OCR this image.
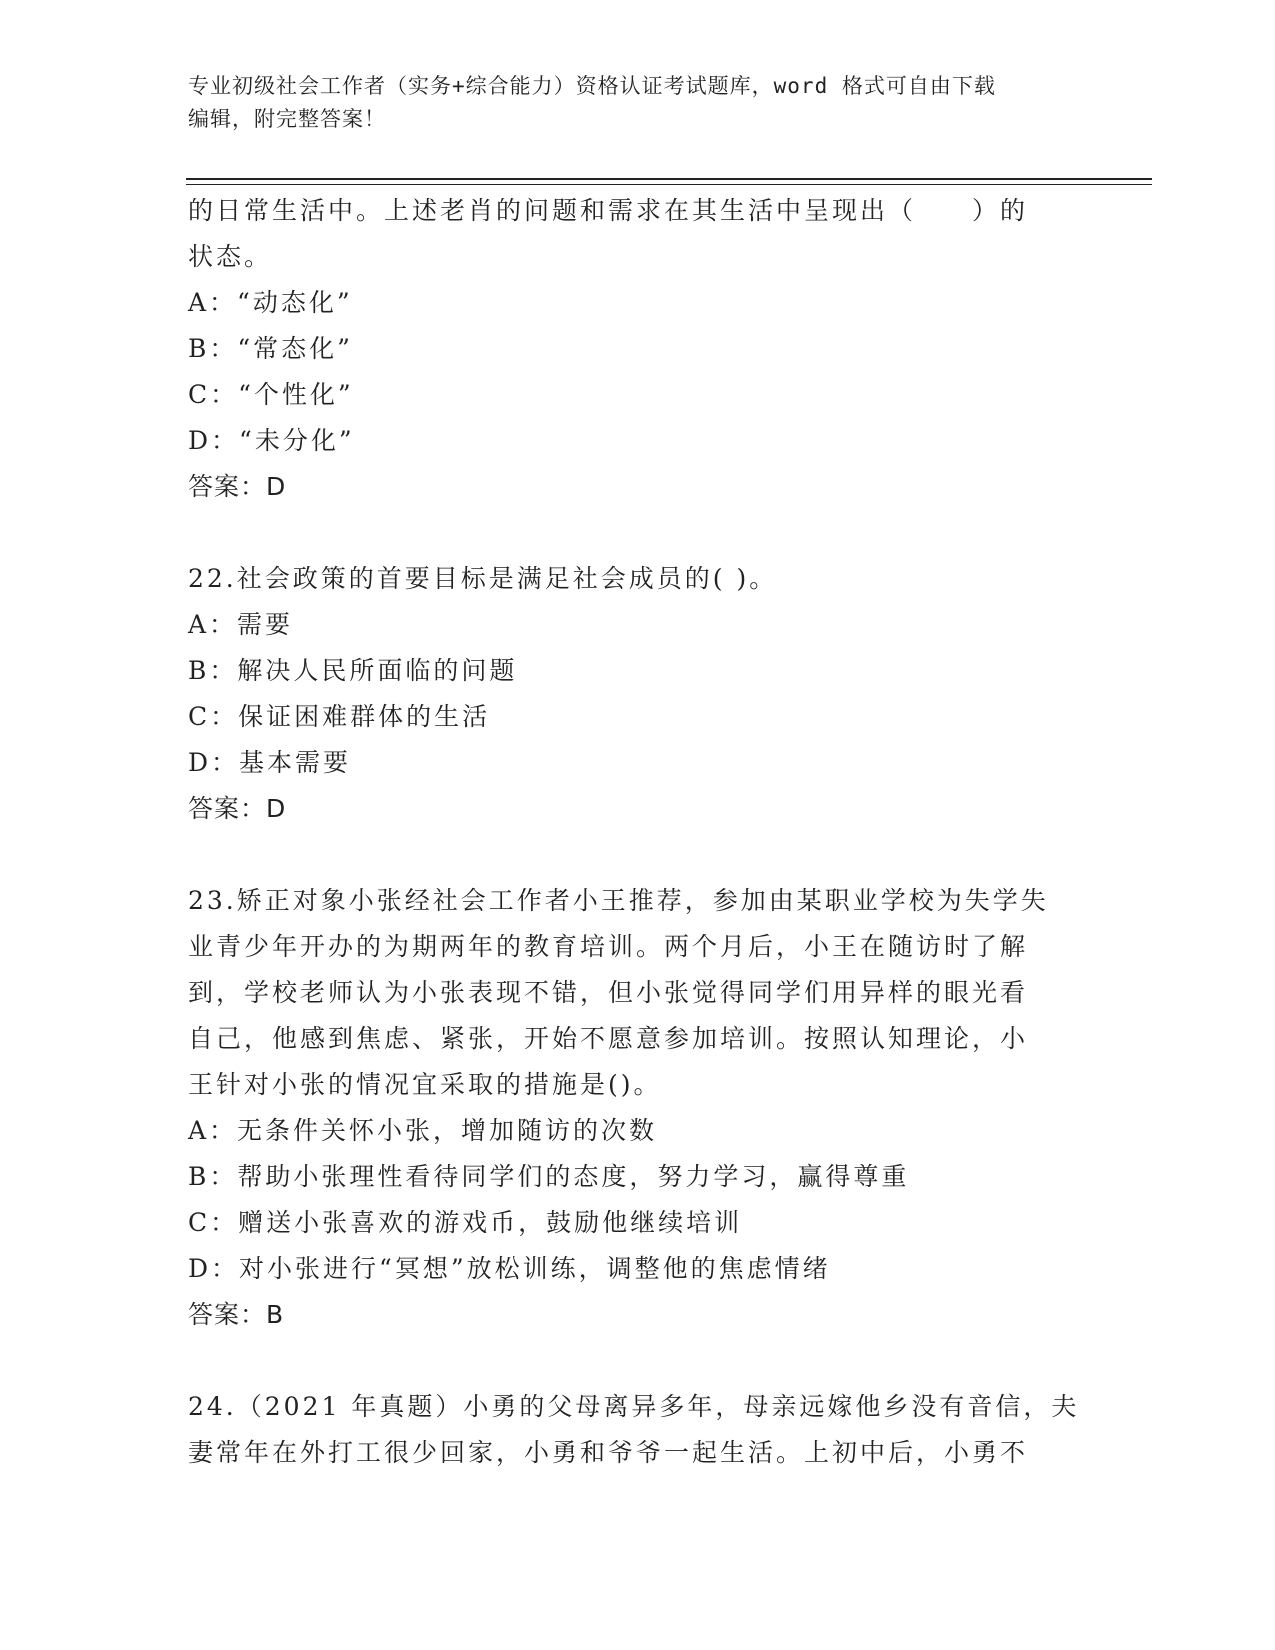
专业初级社会工作者（实务+综合能力）资格认证考试题库，word 格式可自由下载
编辑，附完整答案！
的日常生活中。上述老肖的问题和需求在其生活中呈现出（　　）的
状态。
A：“动态化”
B：“常态化”
C：“个性化”
D：“未分化”
答案：D
22.社会政策的首要目标是满足社会成员的( )。
A：需要
B：解决人民所面临的问题
C：保证困难群体的生活
D：基本需要
答案：D
23.矫正对象小张经社会工作者小王推荐，参加由某职业学校为失学失
业青少年开办的为期两年的教育培训。两个月后，小王在随访时了解
到，学校老师认为小张表现不错，但小张觉得同学们用异样的眼光看
自己，他感到焦虑、紧张，开始不愿意参加培训。按照认知理论，小
王针对小张的情况宜采取的措施是()。
A：无条件关怀小张，增加随访的次数
B：帮助小张理性看待同学们的态度，努力学习，赢得尊重
C：赠送小张喜欢的游戏币，鼓励他继续培训
D：对小张进行“冥想”放松训练，调整他的焦虑情绪
答案：B
24.（2021 年真题）小勇的父母离异多年，母亲远嫁他乡没有音信，夫
妻常年在外打工很少回家，小勇和爷爷一起生活。上初中后，小勇不
